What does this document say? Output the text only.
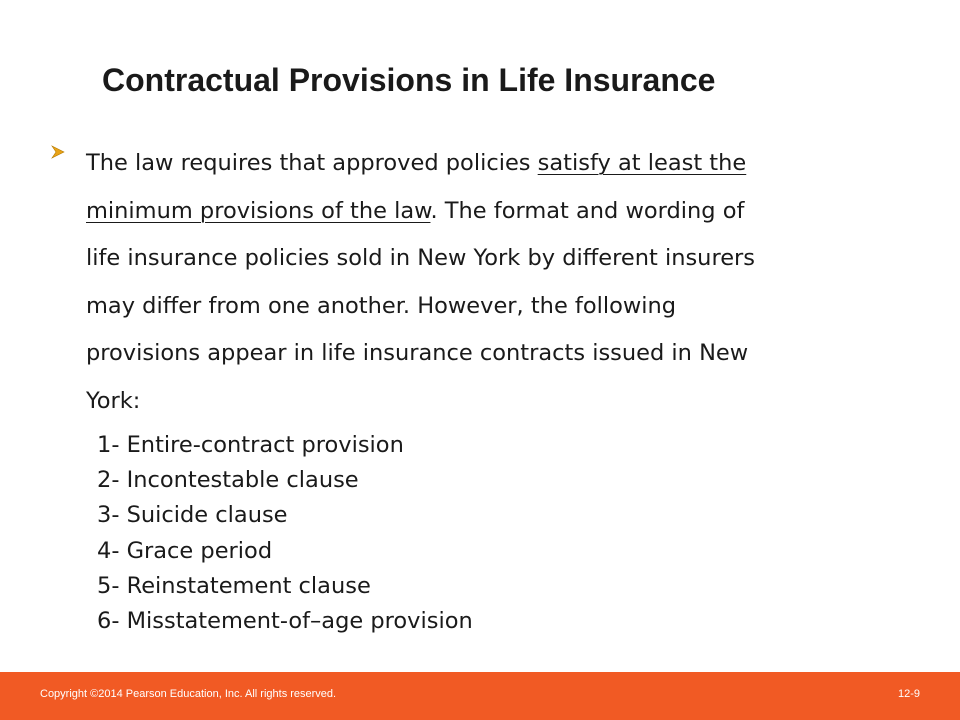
Contractual Provisions in Life Insurance
The law requires that approved policies satisfy at least the
minimum provisions of the law. The format and wording of
life insurance policies sold in New York by different insurers
may differ from one another. However, the following
provisions appear in life insurance contracts issued in New
York:
1- Entire-contract provision
2- Incontestable clause
3- Suicide clause
4- Grace period
5- Reinstatement clause
6- Misstatement-of–age provision
Copyright ©2014 Pearson Education, Inc. All rights reserved.	12-9
